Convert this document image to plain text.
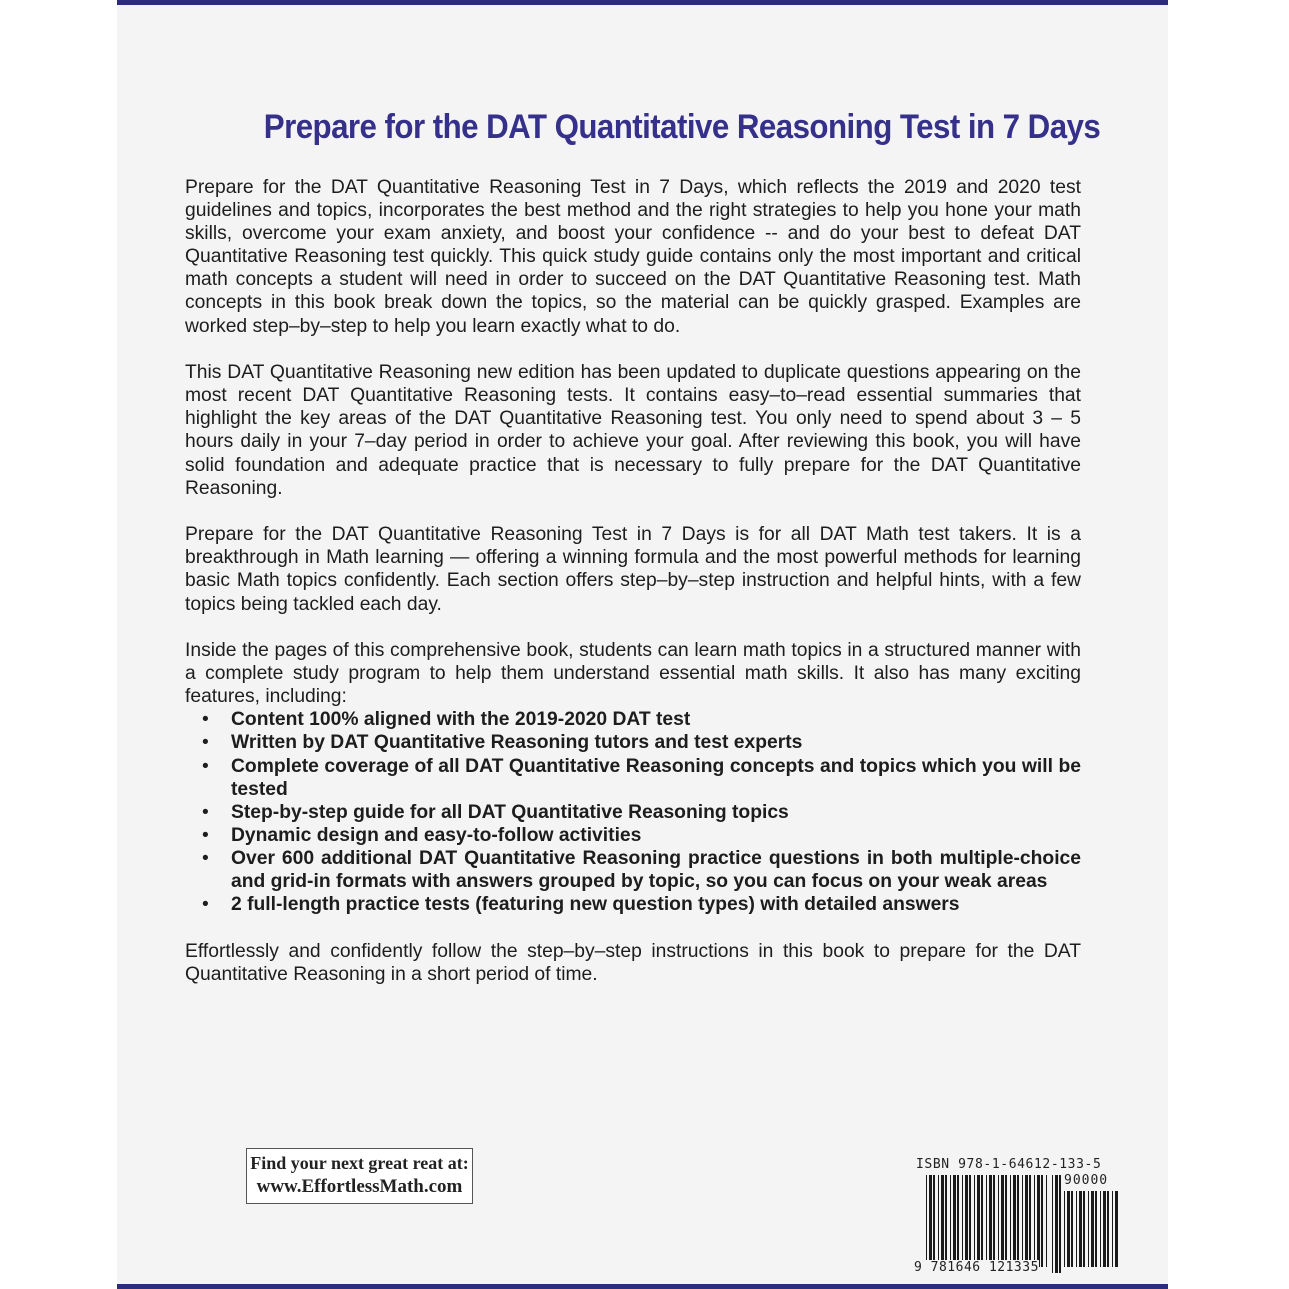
Prepare for the DAT Quantitative Reasoning Test in 7 Days

Prepare for the DAT Quantitative Reasoning Test in 7 Days, which reflects the 2019 and 2020 test guidelines and topics, incorporates the best method and the right strategies to help you hone your math skills, overcome your exam anxiety, and boost your confidence -- and do your best to defeat DAT Quantitative Reasoning test quickly. This quick study guide contains only the most important and critical math concepts a student will need in order to succeed on the DAT Quantitative Reasoning test. Math concepts in this book break down the topics, so the material can be quickly grasped. Examples are worked step–by–step to help you learn exactly what to do.

This DAT Quantitative Reasoning new edition has been updated to duplicate questions appearing on the most recent DAT Quantitative Reasoning tests. It contains easy–to–read essential summaries that highlight the key areas of the DAT Quantitative Reasoning test. You only need to spend about 3 – 5 hours daily in your 7–day period in order to achieve your goal. After reviewing this book, you will have solid foundation and adequate practice that is necessary to fully prepare for the DAT Quantitative Reasoning.

Prepare for the DAT Quantitative Reasoning Test in 7 Days is for all DAT Math test takers. It is a breakthrough in Math learning — offering a winning formula and the most powerful methods for learning basic Math topics confidently. Each section offers step–by–step instruction and helpful hints, with a few topics being tackled each day.

Inside the pages of this comprehensive book, students can learn math topics in a structured manner with a complete study program to help them understand essential math skills. It also has many exciting features, including:

• Content 100% aligned with the 2019-2020 DAT test
• Written by DAT Quantitative Reasoning tutors and test experts
• Complete coverage of all DAT Quantitative Reasoning concepts and topics which you will be tested
• Step-by-step guide for all DAT Quantitative Reasoning topics
• Dynamic design and easy-to-follow activities
• Over 600 additional DAT Quantitative Reasoning practice questions in both multiple-choice and grid-in formats with answers grouped by topic, so you can focus on your weak areas
• 2 full-length practice tests (featuring new question types) with detailed answers

Effortlessly and confidently follow the step–by–step instructions in this book to prepare for the DAT Quantitative Reasoning in a short period of time.

Find your next great reat at:
www.EffortlessMath.com
ISBN 978-1-64612-133-5
90000
9 781646 121335
